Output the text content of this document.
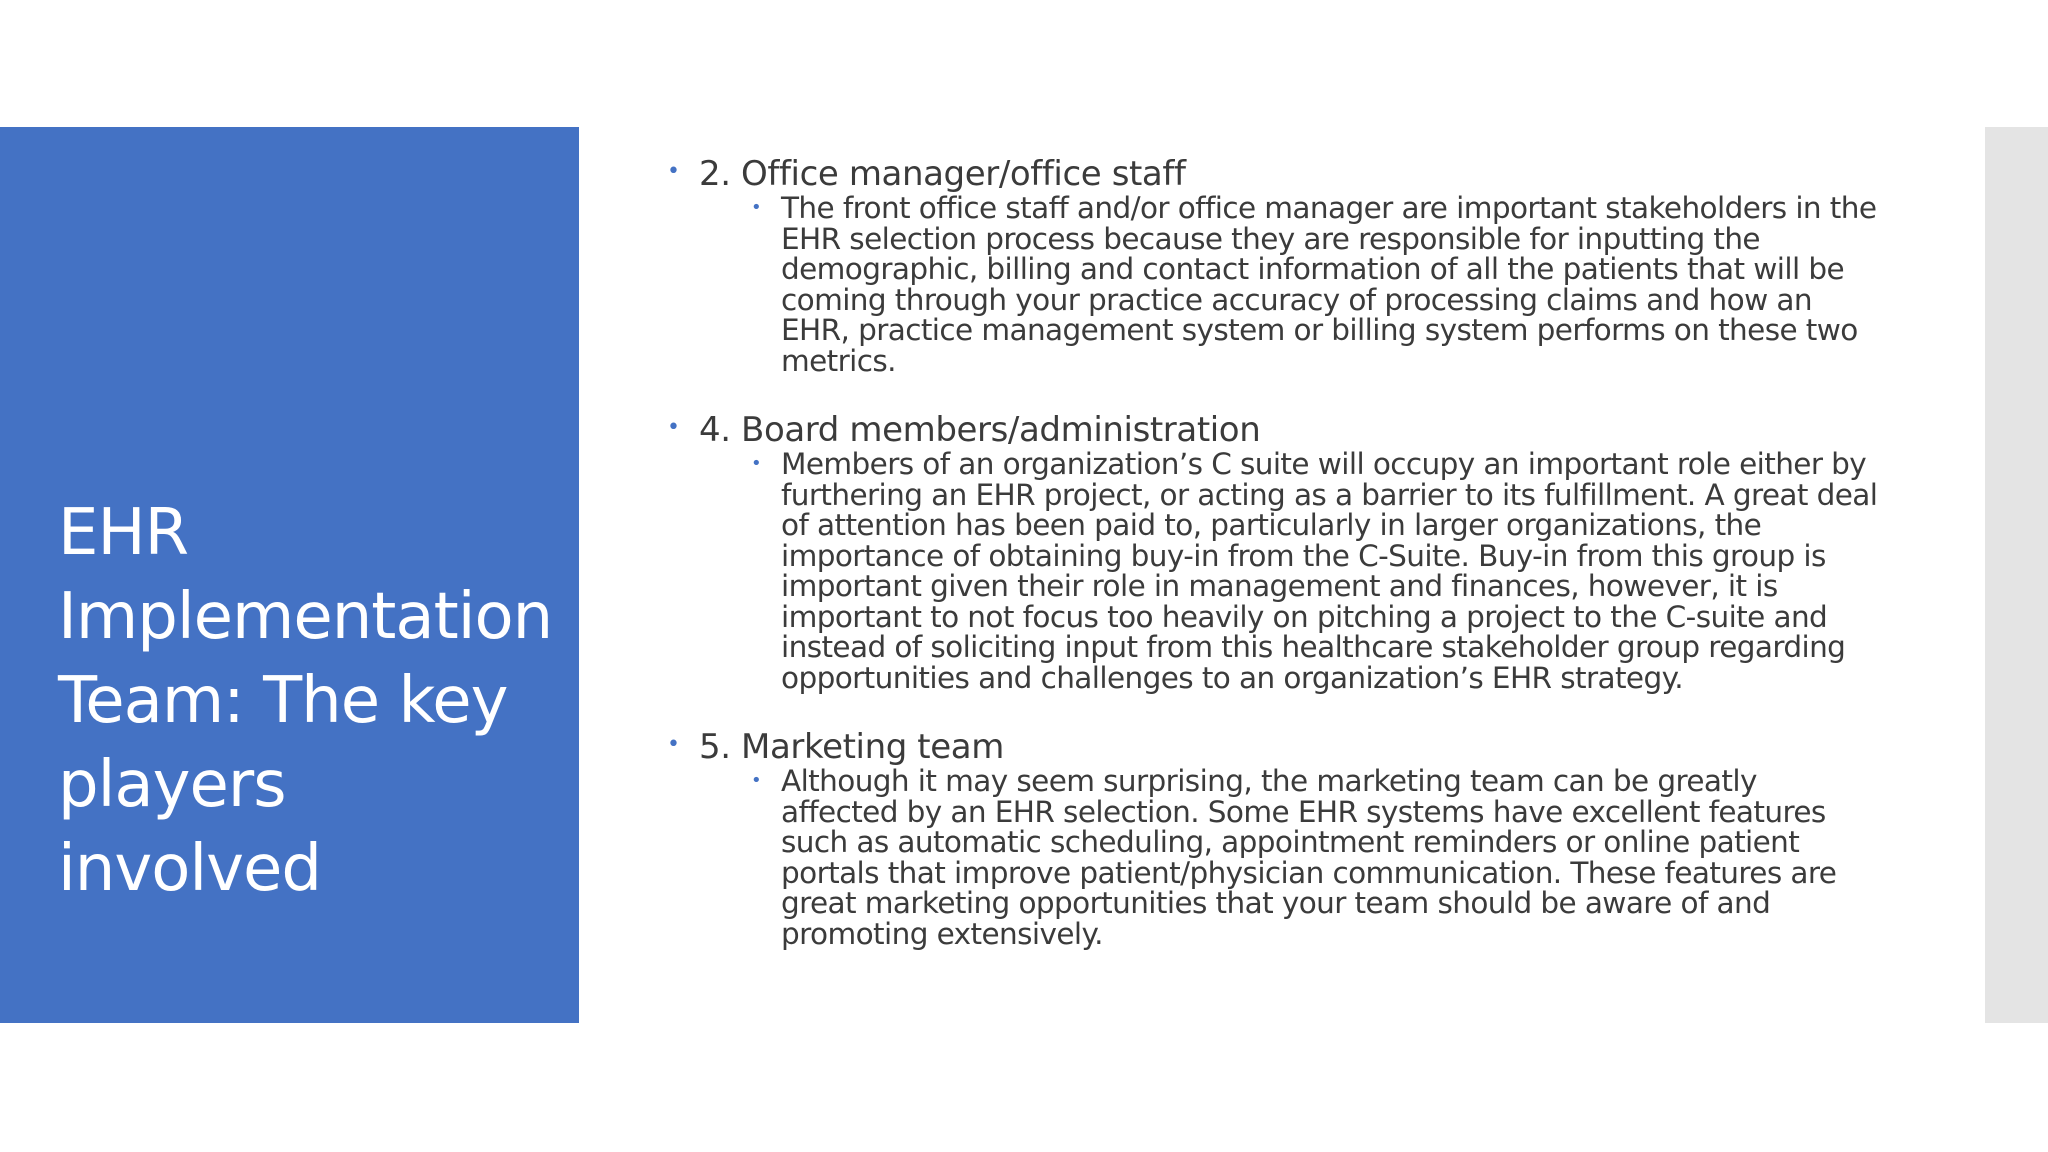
EHR Implementation Team: The key players involved
• 2. Office manager/office staff
• The front office staff and/or office manager are important stakeholders in the EHR selection process because they are responsible for inputting the demographic, billing and contact information of all the patients that will be coming through your practice accuracy of processing claims and how an EHR, practice management system or billing system performs on these two metrics.
• 4. Board members/administration
• Members of an organization’s C suite will occupy an important role either by furthering an EHR project, or acting as a barrier to its fulfillment. A great deal of attention has been paid to, particularly in larger organizations, the importance of obtaining buy-in from the C-Suite. Buy-in from this group is important given their role in management and finances, however, it is important to not focus too heavily on pitching a project to the C-suite and instead of soliciting input from this healthcare stakeholder group regarding opportunities and challenges to an organization’s EHR strategy.
• 5. Marketing team
• Although it may seem surprising, the marketing team can be greatly affected by an EHR selection. Some EHR systems have excellent features such as automatic scheduling, appointment reminders or online patient portals that improve patient/physician communication. These features are great marketing opportunities that your team should be aware of and promoting extensively.
